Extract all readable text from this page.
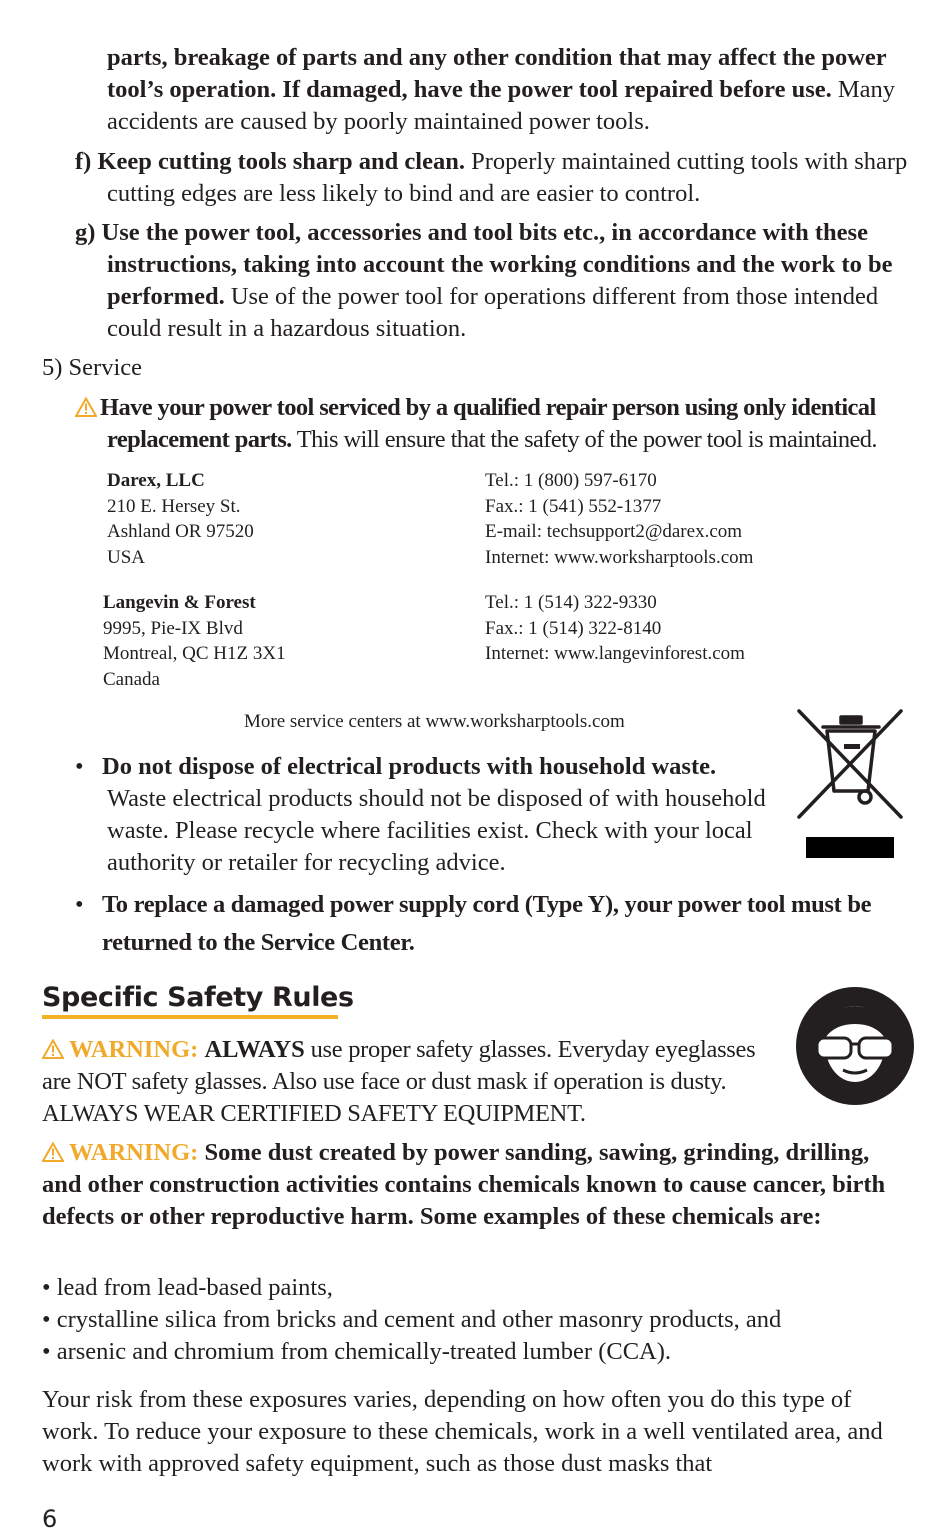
parts, breakage of parts and any other condition that may affect the power tool’s operation. If damaged, have the power tool repaired before use. Many accidents are caused by poorly maintained power tools.
f) Keep cutting tools sharp and clean. Properly maintained cutting tools with sharp cutting edges are less likely to bind and are easier to control.
g) Use the power tool, accessories and tool bits etc., in accordance with these instructions, taking into account the working conditions and the work to be performed. Use of the power tool for operations different from those intended could result in a hazardous situation.
5) Service
Have your power tool serviced by a qualified repair person using only identical replacement parts. This will ensure that the safety of the power tool is maintained.
Darex, LLC
210 E. Hersey St.
Ashland OR 97520
USA
Tel.: 1 (800) 597-6170
Fax.: 1 (541) 552-1377
E-mail: techsupport2@darex.com
Internet: www.worksharptools.com
Langevin & Forest
9995, Pie-IX Blvd
Montreal, QC H1Z 3X1
Canada
Tel.: 1 (514) 322-9330
Fax.: 1 (514) 322-8140
Internet: www.langevinforest.com
More service centers at www.worksharptools.com
• Do not dispose of electrical products with household waste.
Waste electrical products should not be disposed of with household waste. Please recycle where facilities exist. Check with your local authority or retailer for recycling advice.
• To replace a damaged power supply cord (Type Y), your power tool must be returned to the Service Center.
Specific Safety Rules
WARNING: ALWAYS use proper safety glasses. Everyday eyeglasses are NOT safety glasses. Also use face or dust mask if operation is dusty. ALWAYS WEAR CERTIFIED SAFETY EQUIPMENT.
WARNING: Some dust created by power sanding, sawing, grinding, drilling, and other construction activities contains chemicals known to cause cancer, birth defects or other reproductive harm. Some examples of these chemicals are:
• lead from lead-based paints,
• crystalline silica from bricks and cement and other masonry products, and
• arsenic and chromium from chemically-treated lumber (CCA).
Your risk from these exposures varies, depending on how often you do this type of work. To reduce your exposure to these chemicals, work in a well ventilated area, and work with approved safety equipment, such as those dust masks that
6
